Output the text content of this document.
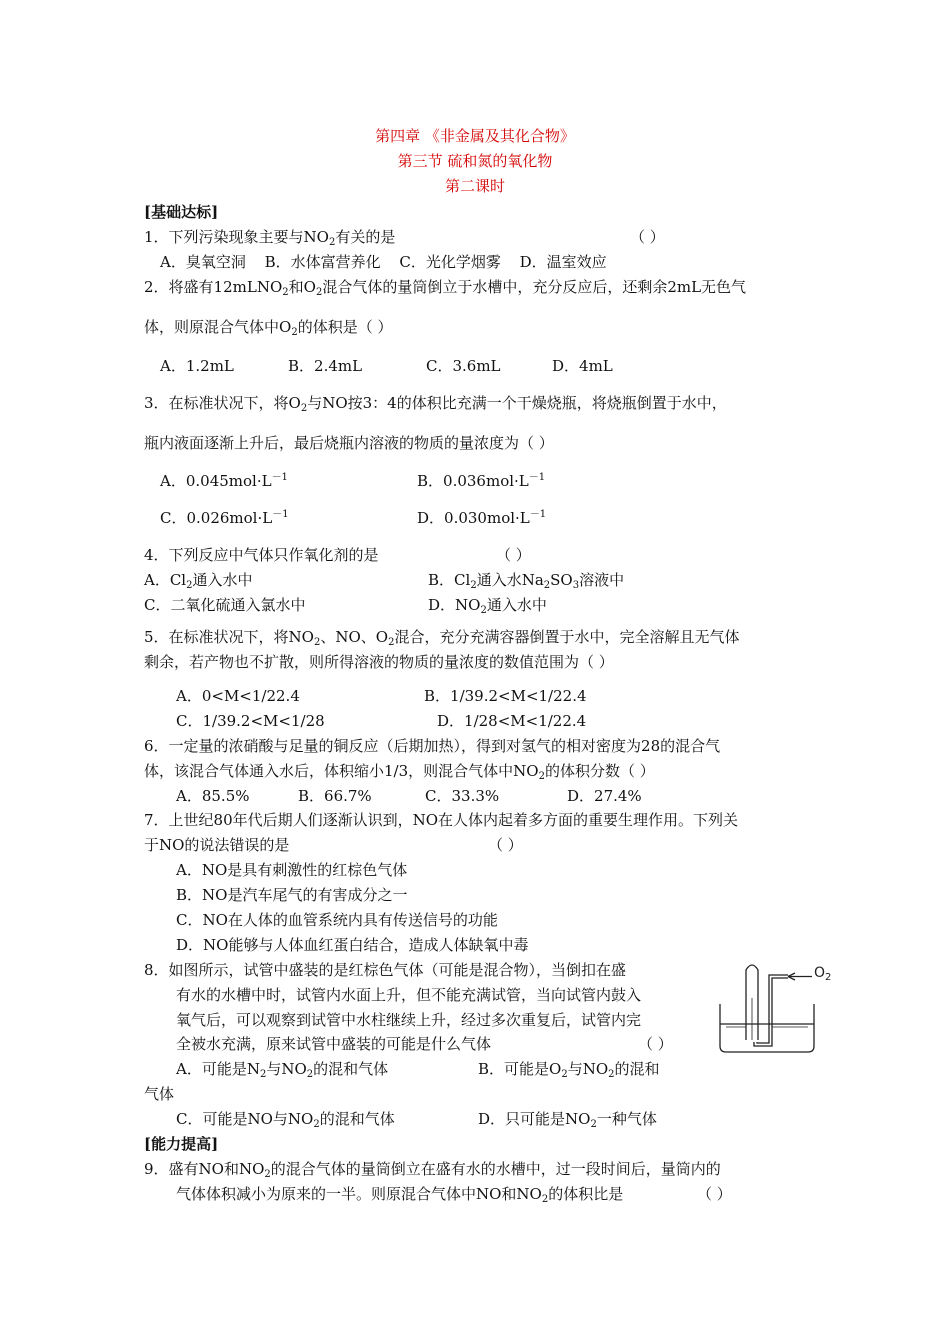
第四章 《非金属及其化合物》
第三节 硫和氮的氧化物
第二课时
[基础达标]
1．下列污染现象主要与$NO_2$有关的是	（ ）
A．臭氧空洞 B．水体富营养化 C．光化学烟雾 D．温室效应
2．将盛有12mLNO$_2$和$O_2$混合气体的量筒倒立于水槽中，充分反应后，还剩余2mL无色气
体，则原混合气体中$O_2$的体积是（ ）
A．1.2mL	B．2.4mL	C．3.6mL	D．4mL
3．在标准状况下，将$O_2$与NO按3：4的体积比充满一个干燥烧瓶，将烧瓶倒置于水中，
瓶内液面逐渐上升后，最后烧瓶内溶液的物质的量浓度为（ ）
A．$0.045mol\cdot L^{-1}$	B．$0.036mol\cdot L^{-1}$
C．$0.026mol\cdot L^{-1}$	D．$0.030mol\cdot L^{-1}$
4．下列反应中气体只作氧化剂的是	（ ）
A．$Cl_2$通入水中	B．$Cl_2$通入水$Na_2SO_3$溶液中
C．二氧化硫通入氯水中	D．$NO_2$通入水中
5．在标准状况下，将$NO_2$、NO、$O_2$混合，充分充满容器倒置于水中，完全溶解且无气体
剩余，若产物也不扩散，则所得溶液的物质的量浓度的数值范围为（ ）
A．0<M<1/22.4	B．1/39.2<M<1/22.4
C．1/39.2<M<1/28	D．1/28<M<1/22.4
6．一定量的浓硝酸与足量的铜反应（后期加热），得到对氢气的相对密度为28的混合气
体，该混合气体通入水后，体积缩小1/3，则混合气体中$NO_2$的体积分数（ ）
A．85.5%	B．66.7%	C．33.3%	D．27.4%
7．上世纪80年代后期人们逐渐认识到，NO在人体内起着多方面的重要生理作用。下列关
于NO的说法错误的是	（ ）
A．NO是具有刺激性的红棕色气体
B．NO是汽车尾气的有害成分之一
C．NO在人体的血管系统内具有传送信号的功能
D．NO能够与人体血红蛋白结合，造成人体缺氧中毒
8．如图所示，试管中盛装的是红棕色气体（可能是混合物），当倒扣在盛
有水的水槽中时，试管内水面上升，但不能充满试管，当向试管内鼓入
氧气后，可以观察到试管中水柱继续上升，经过多次重复后，试管内完
全被水充满，原来试管中盛装的可能是什么气体	（ ）
A．可能是$N_2$与$NO_2$的混和气体	B．可能是$O_2$与$NO_2$的混和
气体
C．可能是NO与$NO_2$的混和气体	D．只可能是$NO_2$一种气体
$O_2$
[能力提高]
9．盛有NO和$NO_2$的混合气体的量筒倒立在盛有水的水槽中，过一段时间后，量筒内的
气体体积减小为原来的一半。则原混合气体中NO和$NO_2$的体积比是	（ ）
